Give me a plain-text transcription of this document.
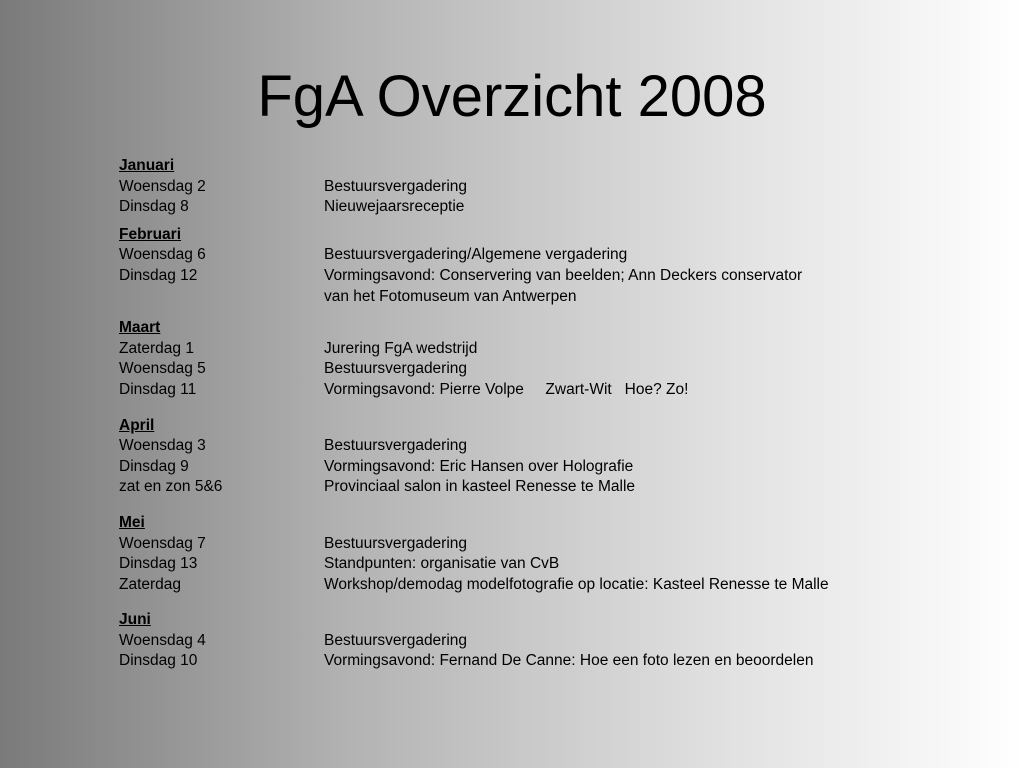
FgA Overzicht 2008
Januari
Woensdag 2	Bestuursvergadering
Dinsdag 8	Nieuwejaarsreceptie
Februari
Woensdag 6	Bestuursvergadering/Algemene vergadering
Dinsdag 12	Vormingsavond: Conservering van beelden; Ann Deckers conservator
van het Fotomuseum van Antwerpen
Maart
Zaterdag 1	Jurering FgA wedstrijd
Woensdag 5	Bestuursvergadering
Dinsdag 11	Vormingsavond: Pierre Volpe     Zwart-Wit   Hoe? Zo!
April
Woensdag 3	Bestuursvergadering
Dinsdag 9	Vormingsavond: Eric Hansen over Holografie
zat en zon 5&6	Provinciaal salon in kasteel Renesse te Malle
Mei
Woensdag 7	Bestuursvergadering
Dinsdag 13	Standpunten: organisatie van CvB
Zaterdag	Workshop/demodag modelfotografie op locatie: Kasteel Renesse te Malle
Juni
Woensdag 4	Bestuursvergadering
Dinsdag 10	Vormingsavond: Fernand De Canne: Hoe een foto lezen en beoordelen
